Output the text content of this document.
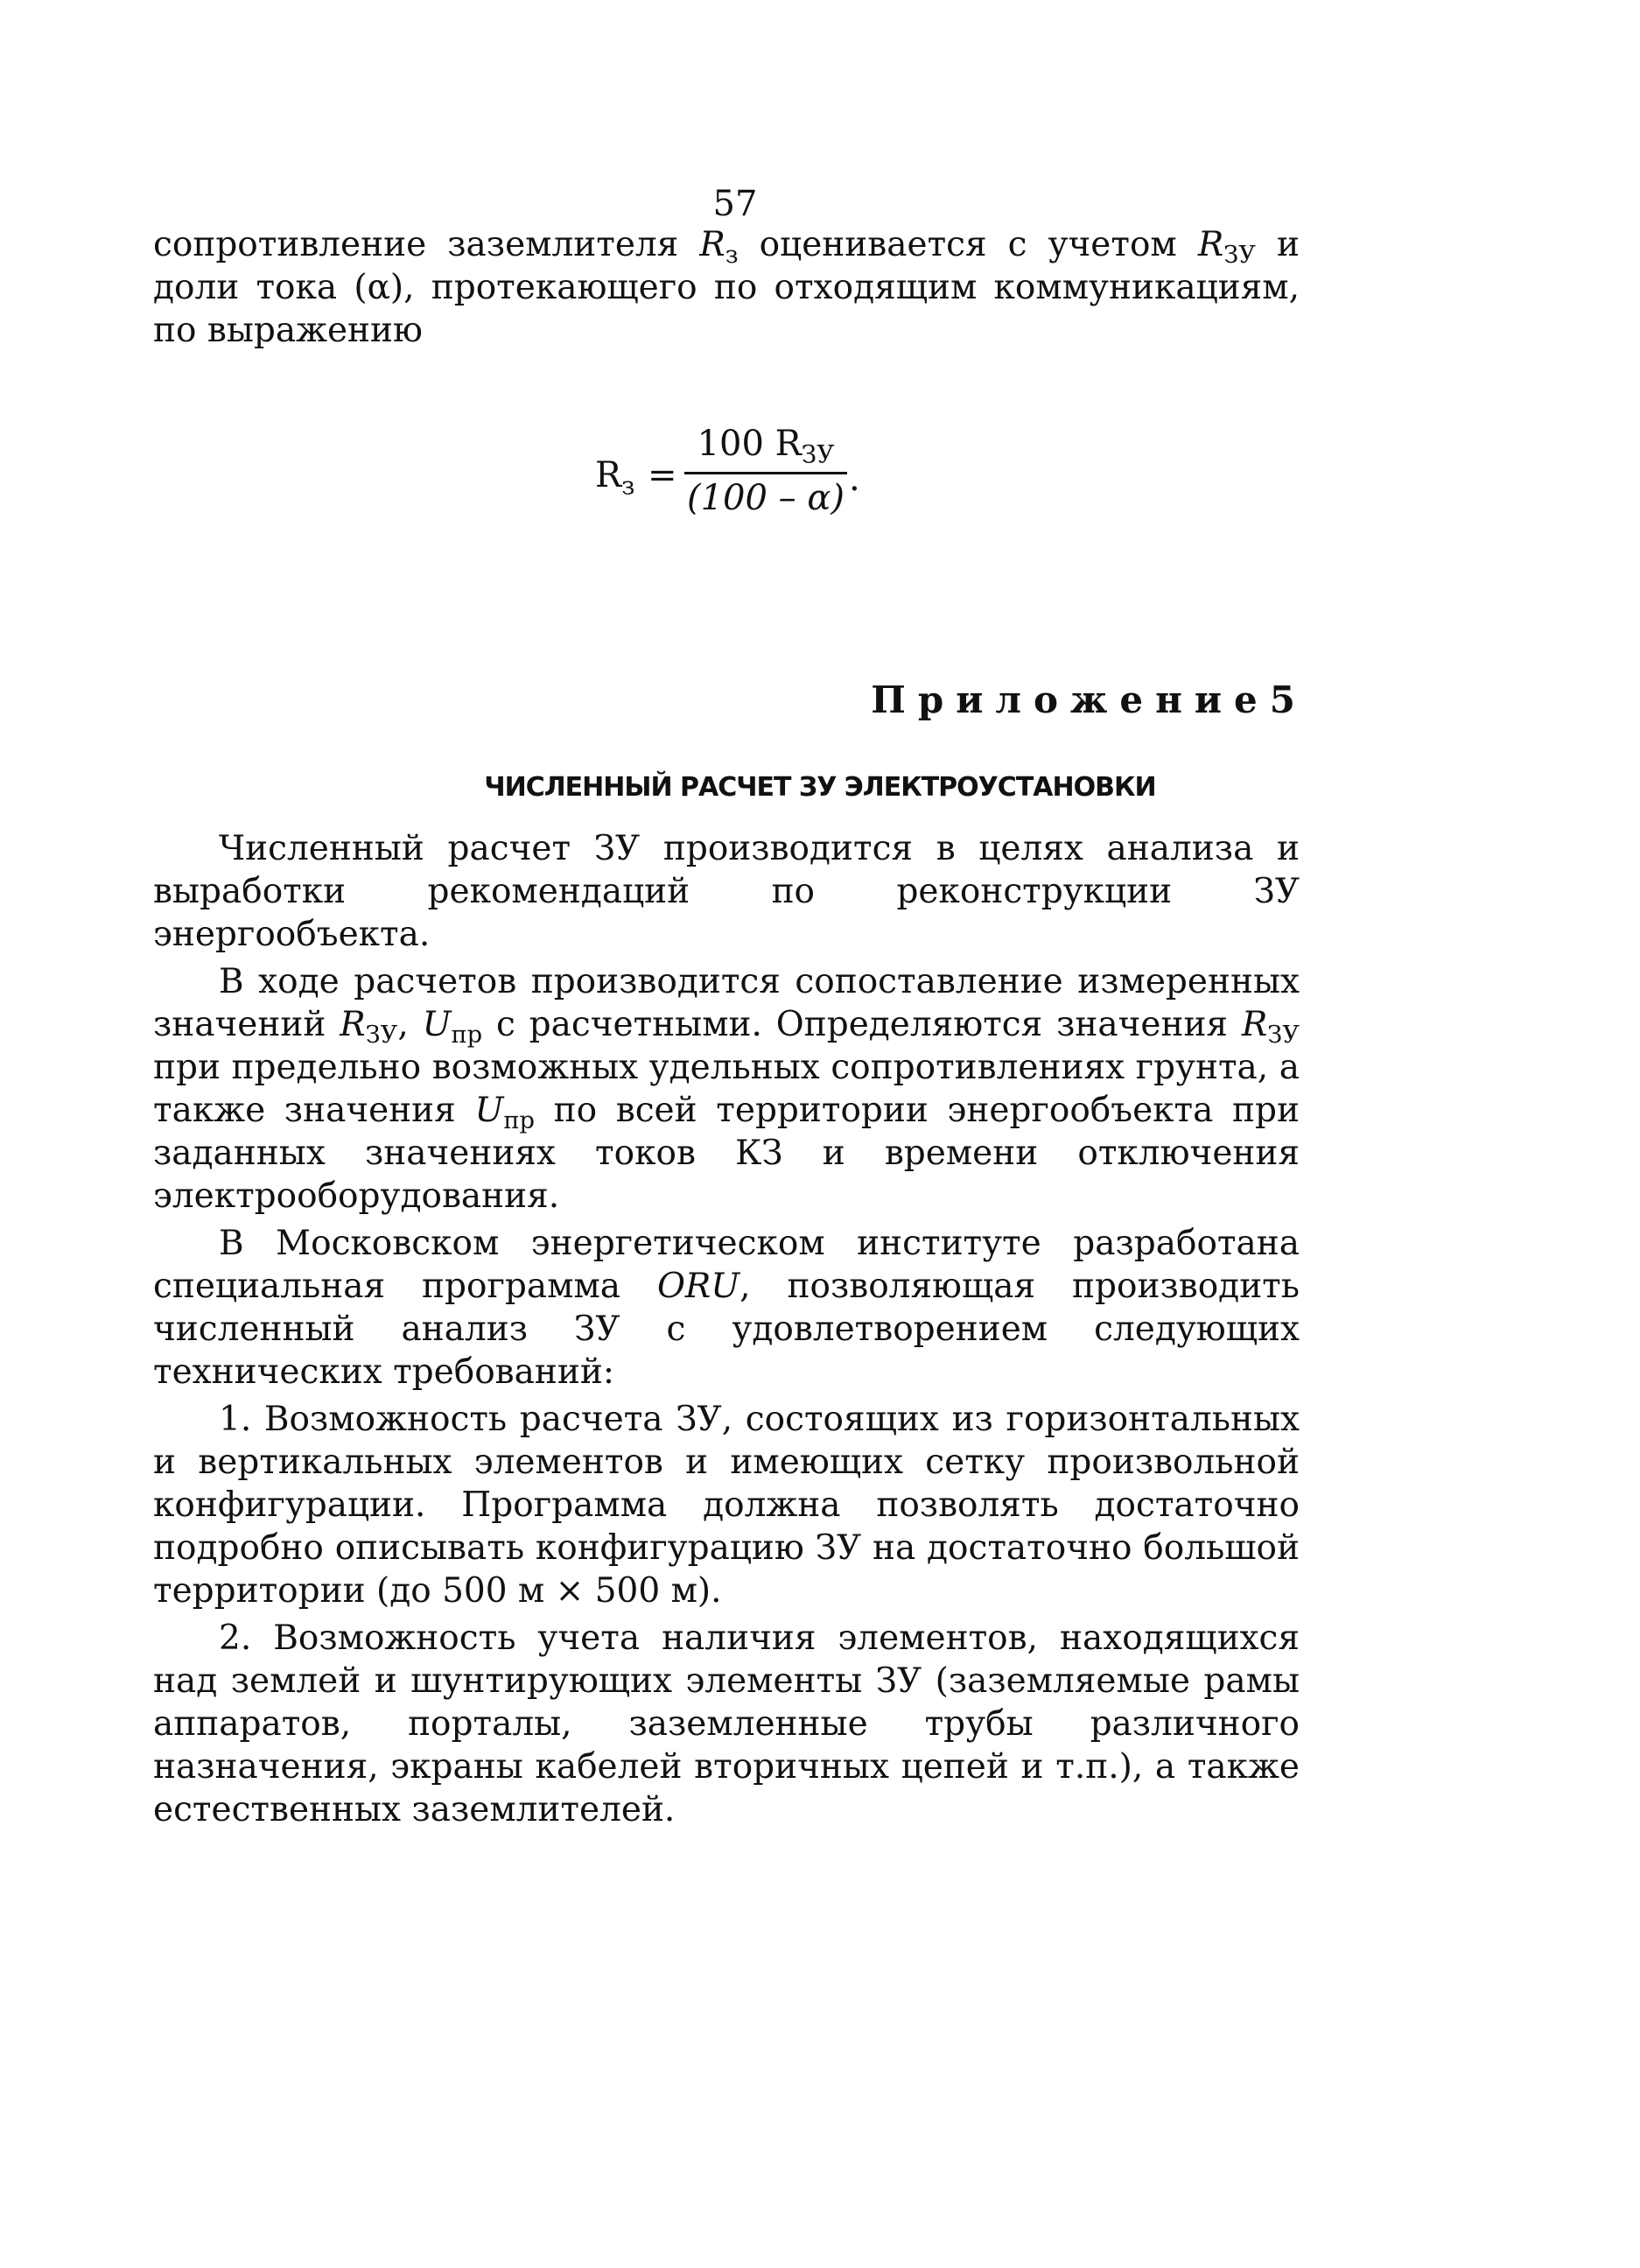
57

сопротивление заземлителя $R_з$ оценивается с учетом $R_{ЗУ}$ и доли тока (α), протекающего по отходящим коммуникациям, по выражению

$R_з$ =
100 $R_{ЗУ}$
(100 – α) .
Приложение5
ЧИСЛЕННЫЙ РАСЧЕТ ЗУ ЭЛЕКТРОУСТАНОВКИ

Численный расчет ЗУ производится в целях анализа и выработки рекомендаций по реконструкции ЗУ энергообъекта.

В ходе расчетов производится сопоставление измеренных значений $R_{ЗУ}$, $U_{пр}$ с расчетными. Определяются значения $R_{ЗУ}$ при предельно возможных удельных сопротивлениях грунта, а также значения $U_{пр}$ по всей территории энергообъекта при заданных значениях токов КЗ и времени отключения электрооборудования.

В Московском энергетическом институте разработана специальная программа ORU, позволяющая производить численный анализ ЗУ с удовлетворением следующих технических требований:

1. Возможность расчета ЗУ, состоящих из горизонтальных и вертикальных элементов и имеющих сетку произвольной конфигурации. Программа должна позволять достаточно подробно описывать конфигурацию ЗУ на достаточно большой территории (до 500 м × 500 м).

2. Возможность учета наличия элементов, находящихся над землей и шунтирующих элементы ЗУ (заземляемые рамы аппаратов, порталы, заземленные трубы различного назначения, экраны кабелей вторичных цепей и т.п.), а также естественных заземлителей.
